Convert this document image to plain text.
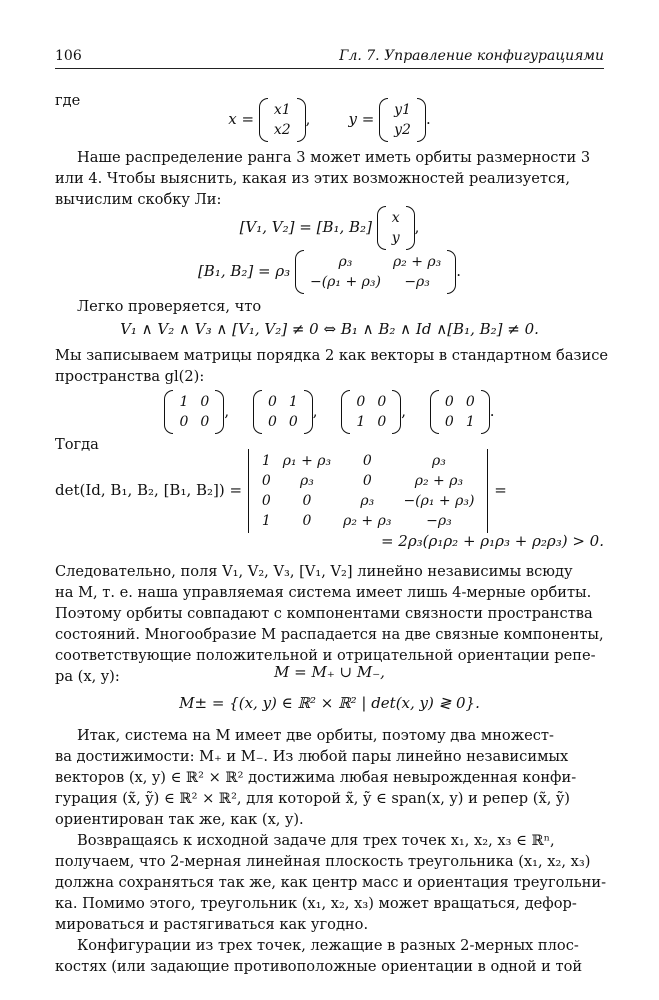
106	Гл. 7. Управление конфигурациями
где
x = x1
x2
,        y = y1
y2
.
Наше распределение ранга 3 может иметь орбиты размерности 3
или 4. Чтобы выяснить, какая из этих возможностей реализуется,
вычислим скобку Ли:
[V₁, V₂] = [B₁, B₂] x
y
,
[B₁, B₂] = ρ₃	ρ₃	ρ₂ + ρ₃
−(ρ₁ + ρ₃)	−ρ₃
.
Легко проверяется, что
V₁ ∧ V₂ ∧ V₃ ∧ [V₁, V₂] ≠ 0 ⇔ B₁ ∧ B₂ ∧ Id ∧[B₁, B₂] ≠ 0.
Мы записываем матрицы порядка 2 как векторы в стандартном базисе
пространства gl(2):
1	0
0	0
,	0	1
0	0
,	0	0
1	0
,	0	0
0	1
.
Тогда
det(Id, B₁, B₂, [B₁, B₂]) =
1	ρ₁ + ρ₃	0	ρ₃
0	ρ₃	0	ρ₂ + ρ₃
0	0	ρ₃	−(ρ₁ + ρ₃)
1	0	ρ₂ + ρ₃	−ρ₃
=
= 2ρ₃(ρ₁ρ₂ + ρ₁ρ₃ + ρ₂ρ₃) > 0.
Следовательно, поля V₁, V₂, V₃, [V₁, V₂] линейно независимы всюду
на M, т. е. наша управляемая система имеет лишь 4-мерные орбиты.
Поэтому орбиты совпадают с компонентами связности пространства
состояний. Многообразие M распадается на две связные компоненты,
соответствующие положительной и отрицательной ориентации репе-
ра (x, y):	M = M₊ ∪ M₋,
M± = {(x, y) ∈ ℝ² × ℝ² | det(x, y) ≷ 0}.
Итак, система на M имеет две орбиты, поэтому два множест-
ва достижимости: M₊ и M₋. Из любой пары линейно независимых
векторов (x, y) ∈ ℝ² × ℝ² достижима любая невырожденная конфи-
гурация (x̃, ỹ) ∈ ℝ² × ℝ², для которой x̃, ỹ ∈ span(x, y) и репер (x̃, ỹ)
ориентирован так же, как (x, y).
Возвращаясь к исходной задаче для трех точек x₁, x₂, x₃ ∈ ℝⁿ,
получаем, что 2-мерная линейная плоскость треугольника (x₁, x₂, x₃)
должна сохраняться так же, как центр масс и ориентация треугольни-
ка. Помимо этого, треугольник (x₁, x₂, x₃) может вращаться, дефор-
мироваться и растягиваться как угодно.
Конфигурации из трех точек, лежащие в разных 2-мерных плос-
костях (или задающие противоположные ориентации в одной и той
